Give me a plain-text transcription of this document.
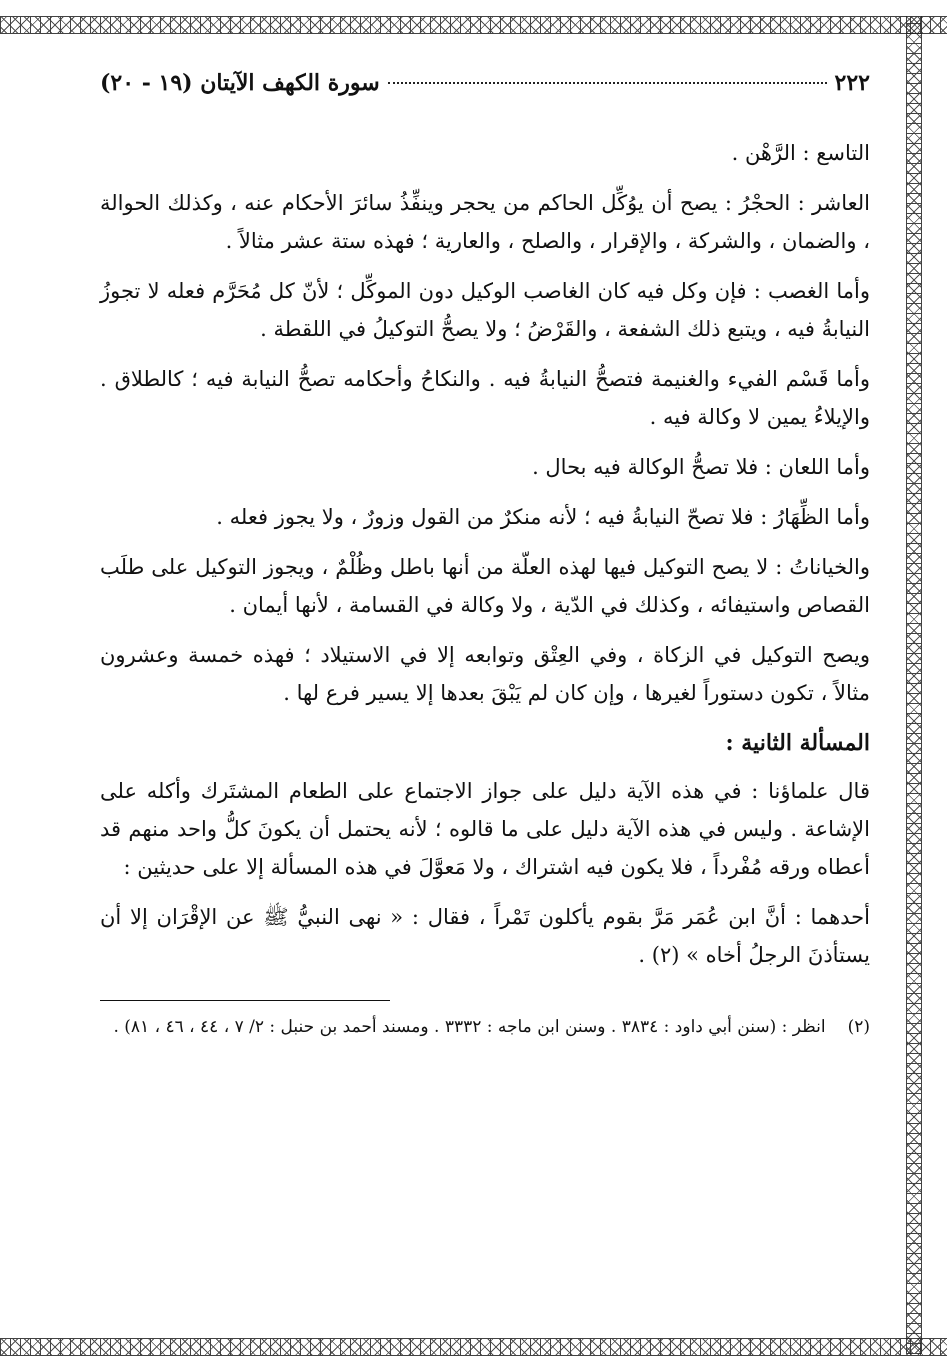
٢٢٢
سورة الكهف الآيتان (١٩ - ٢٠)

التاسع : الرَّهْن .

العاشر : الحجْرُ : يصح أن يوُكِّل الحاكم من يحجر وينفِّذُ سائرَ الأحكام عنه ، وكذلك الحوالة ، والضمان ، والشركة ، والإقرار ، والصلح ، والعارية ؛ فهذه ستة عشر مثالاً .

وأما الغصب : فإن وكل فيه كان الغاصب الوكيل دون الموكِّل ؛ لأنّ كل مُحَرَّم فعله لا تجوزُ النيابةُ فيه ، ويتبع ذلك الشفعة ، والقَرْضُ ؛ ولا يصحُّ التوكيلُ في اللقطة .

وأما قَسْم الفيء والغنيمة فتصحُّ النيابةُ فيه . والنكاحُ وأحكامه تصحُّ النيابة فيه ؛ كالطلاق . والإيلاءُ يمين لا وكالة فيه .

وأما اللعان : فلا تصحُّ الوكالة فيه بحال .

وأما الظِّهَارُ : فلا تصحّ النيابةُ فيه ؛ لأنه منكرٌ من القول وزورٌ ، ولا يجوز فعله .

والخياناتُ : لا يصح التوكيل فيها لهذه العلّة من أنها باطل وظُلْمٌ ، ويجوز التوكيل على طلَب القصاص واستيفائه ، وكذلك في الدّية ، ولا وكالة في القسامة ، لأنها أيمان .

ويصح التوكيل في الزكاة ، وفي العِتْق وتوابعه إلا في الاستيلاد ؛ فهذه خمسة وعشرون مثالاً ، تكون دستوراً لغيرها ، وإن كان لم يَبْقَ بعدها إلا يسير فرع لها .

المسألة الثانية :

قال علماؤنا : في هذه الآية دليل على جواز الاجتماع على الطعام المشتَرك وأكله على الإشاعة . وليس في هذه الآية دليل على ما قالوه ؛ لأنه يحتمل أن يكونَ كلُّ واحد منهم قد أعطاه ورقه مُفْرداً ، فلا يكون فيه اشتراك ، ولا مَعوَّلَ في هذه المسألة إلا على حديثين :

أحدهما : أنَّ ابن عُمَر مَرَّ بقوم يأكلون تَمْراً ، فقال : « نهى النبيُّ ﷺ عن الإقْرَان إلا أن يستأذنَ الرجلُ أخاه » (٢) .

(٢)
انظر : (سنن أبي داود : ٣٨٣٤ . وسنن ابن ماجه : ٣٣٣٢ . ومسند أحمد بن حنبل : ٢/ ٧ ، ٤٤ ، ٤٦ ، ٨١) .
